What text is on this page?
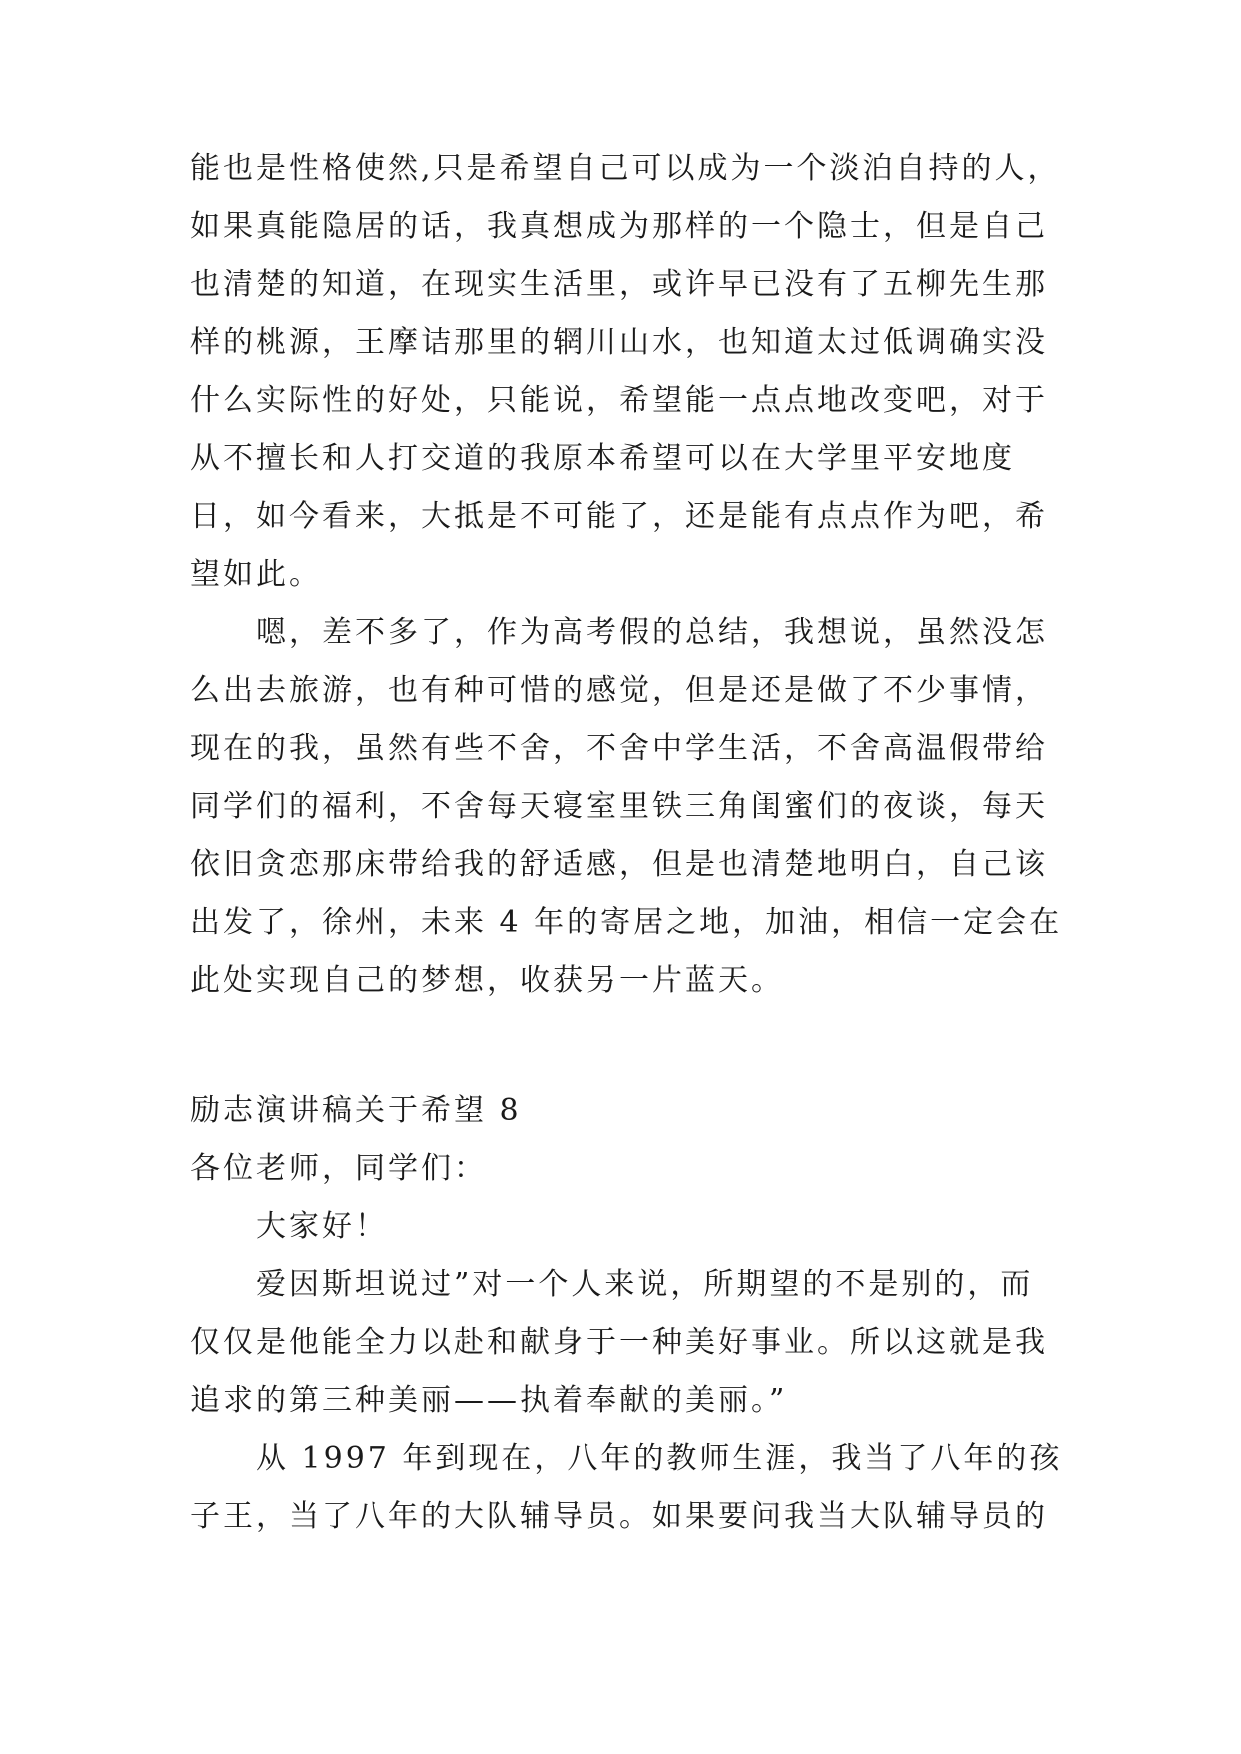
能也是性格使然,只是希望自己可以成为一个淡泊自持的人，
如果真能隐居的话，我真想成为那样的一个隐士，但是自己
也清楚的知道，在现实生活里，或许早已没有了五柳先生那
样的桃源，王摩诘那里的辋川山水，也知道太过低调确实没
什么实际性的好处，只能说，希望能一点点地改变吧，对于
从不擅长和人打交道的我原本希望可以在大学里平安地度
日，如今看来，大抵是不可能了，还是能有点点作为吧，希
望如此。
嗯，差不多了，作为高考假的总结，我想说，虽然没怎
么出去旅游，也有种可惜的感觉，但是还是做了不少事情，
现在的我，虽然有些不舍，不舍中学生活，不舍高温假带给
同学们的福利，不舍每天寝室里铁三角闺蜜们的夜谈，每天
依旧贪恋那床带给我的舒适感，但是也清楚地明白，自己该
出发了，徐州，未来 4 年的寄居之地，加油，相信一定会在
此处实现自己的梦想，收获另一片蓝天。
励志演讲稿关于希望 8
各位老师，同学们：
大家好！
爱因斯坦说过”对一个人来说，所期望的不是别的，而
仅仅是他能全力以赴和献身于一种美好事业。所以这就是我
追求的第三种美丽——执着奉献的美丽。”
从 1997 年到现在，八年的教师生涯，我当了八年的孩
子王，当了八年的大队辅导员。如果要问我当大队辅导员的
